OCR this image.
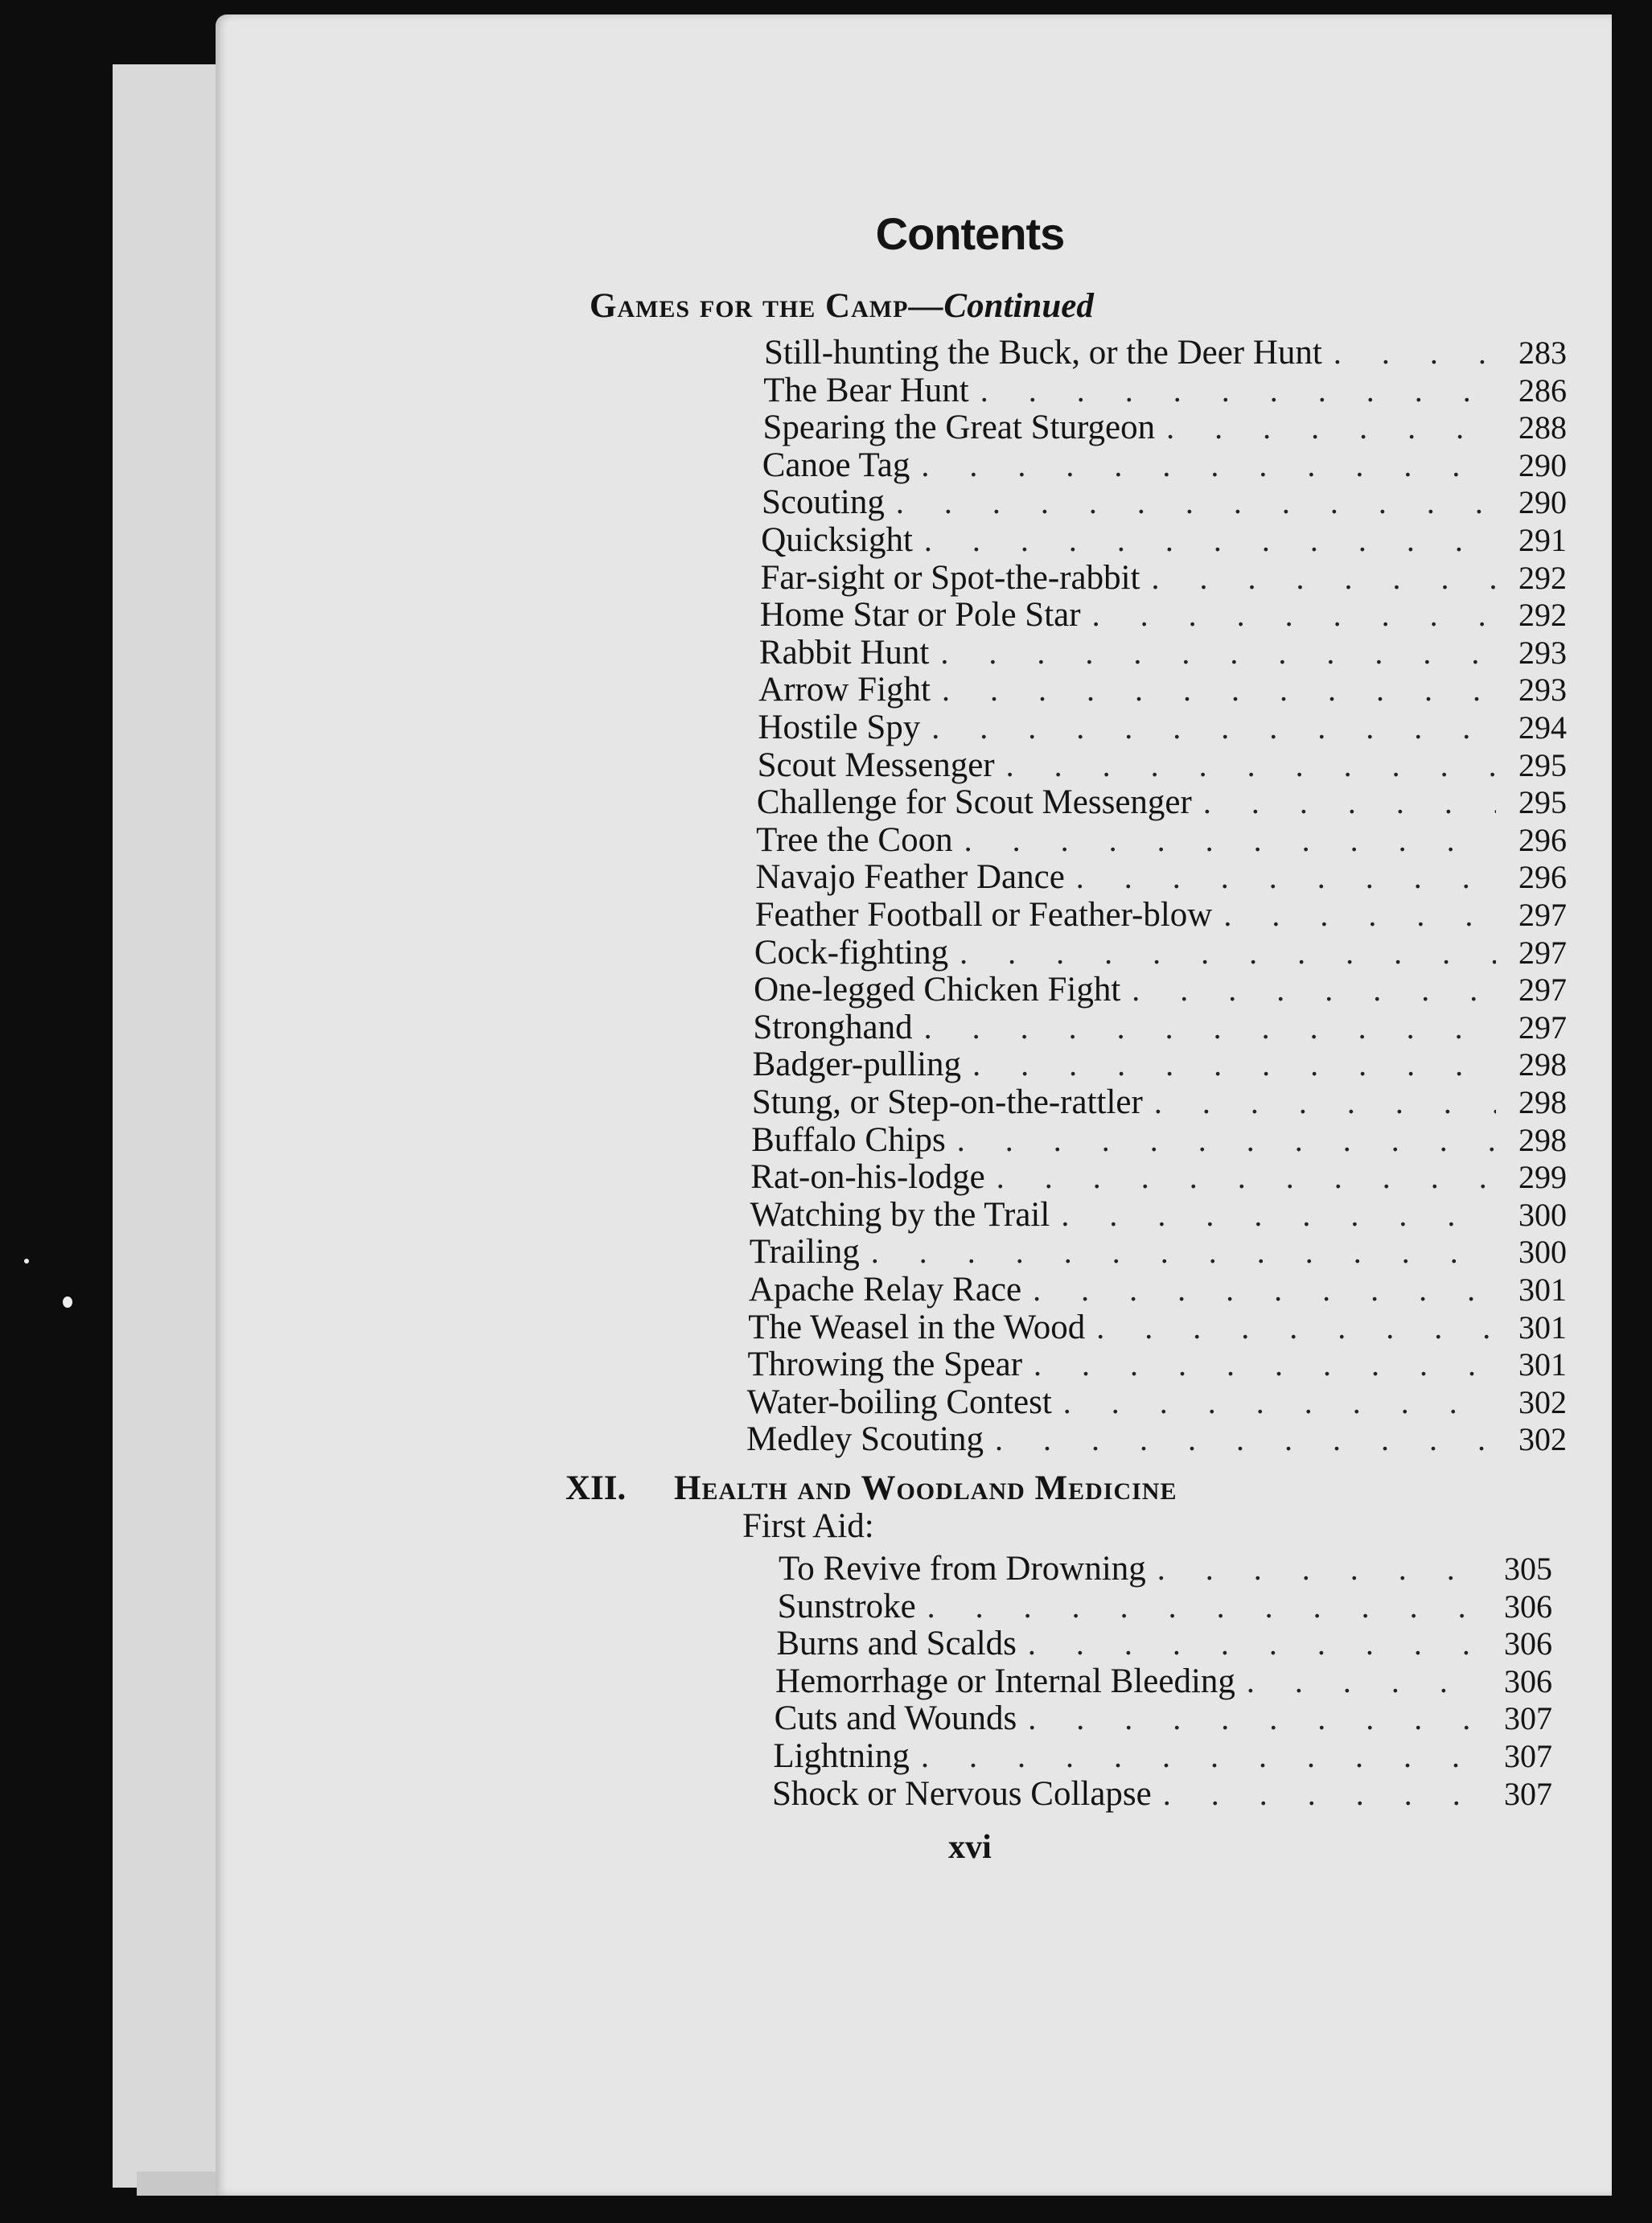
Contents
Games for the Camp—Continued
Still-hunting the Buck, or the Deer Hunt . . .	283
The Bear Hunt . . .	286
Spearing the Great Sturgeon . . .	288
Canoe Tag . . .	290
Scouting . . .	290
Quicksight . . .	291
Far-sight or Spot-the-rabbit . . .	292
Home Star or Pole Star . . .	292
Rabbit Hunt . . .	293
Arrow Fight . . .	293
Hostile Spy . . .	294
Scout Messenger . . .	295
Challenge for Scout Messenger . . .	295
Tree the Coon . . .	296
Navajo Feather Dance . . .	296
Feather Football or Feather-blow . . .	297
Cock-fighting . . .	297
One-legged Chicken Fight . . .	297
Stronghand . . .	297
Badger-pulling . . .	298
Stung, or Step-on-the-rattler . . .	298
Buffalo Chips . . .	298
Rat-on-his-lodge . . .	299
Watching by the Trail . . .	300
Trailing . . .	300
Apache Relay Race . . .	301
The Weasel in the Wood . . .	301
Throwing the Spear . . .	301
Water-boiling Contest . . .	302
Medley Scouting . . .	302
XII.	Health and Woodland Medicine
First Aid:
To Revive from Drowning . . .	305
Sunstroke . . .	306
Burns and Scalds . . .	306
Hemorrhage or Internal Bleeding . . .	306
Cuts and Wounds . . .	307
Lightning . . .	307
Shock or Nervous Collapse . . .	307
xvi
